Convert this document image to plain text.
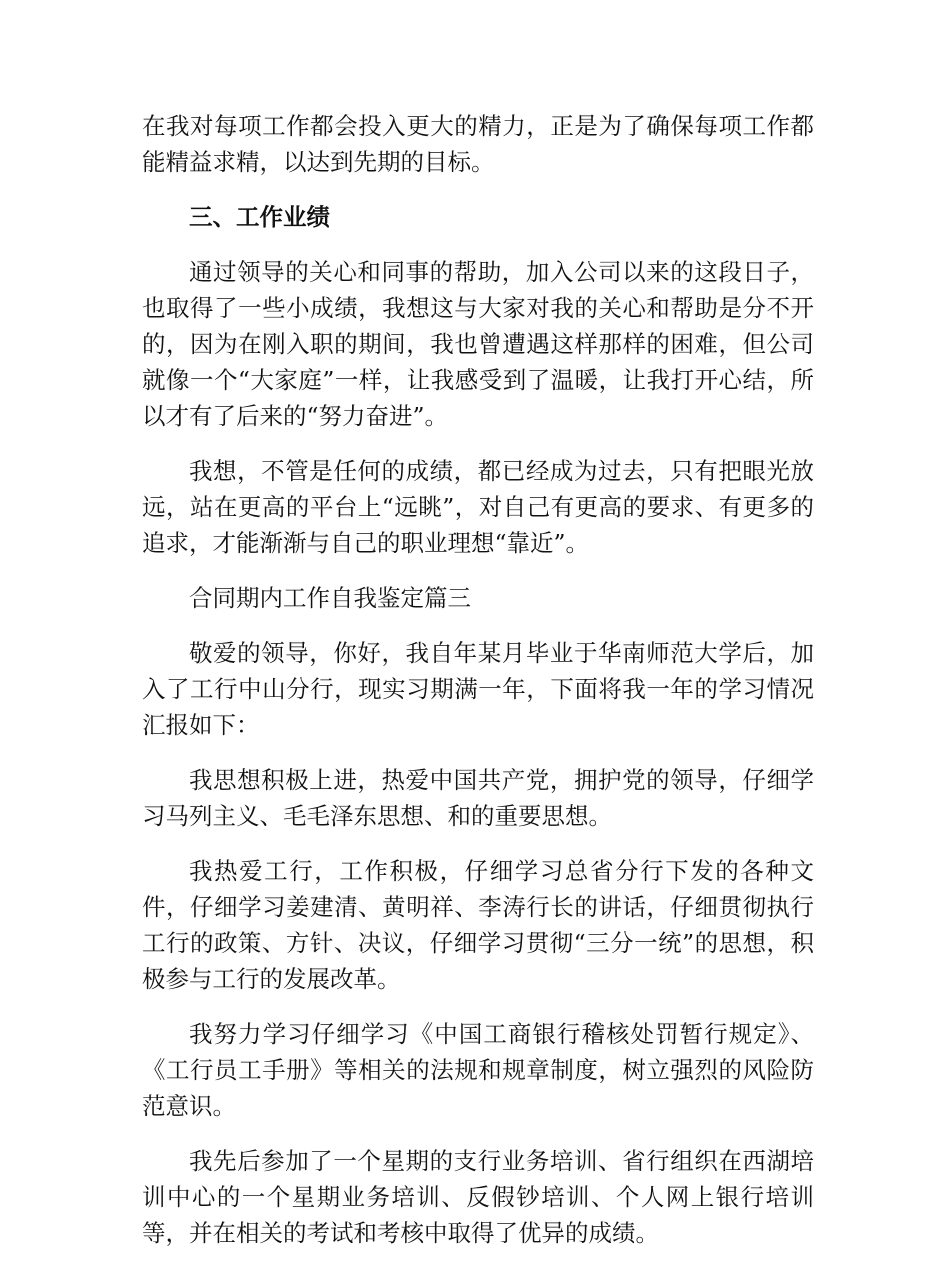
在我对每项工作都会投入更大的精力，正是为了确保每项工作都能精益求精，以达到先期的目标。

三、工作业绩

通过领导的关心和同事的帮助，加入公司以来的这段日子，也取得了一些小成绩，我想这与大家对我的关心和帮助是分不开的，因为在刚入职的期间，我也曾遭遇这样那样的困难，但公司就像一个“大家庭”一样，让我感受到了温暖，让我打开心结，所以才有了后来的“努力奋进”。

我想，不管是任何的成绩，都已经成为过去，只有把眼光放远，站在更高的平台上“远眺”，对自己有更高的要求、有更多的追求，才能渐渐与自己的职业理想“靠近”。

合同期内工作自我鉴定篇三

敬爱的领导，你好，我自年某月毕业于华南师范大学后，加入了工行中山分行，现实习期满一年，下面将我一年的学习情况汇报如下：

我思想积极上进，热爱中国共产党，拥护党的领导，仔细学习马列主义、毛毛泽东思想、和的重要思想。

我热爱工行，工作积极，仔细学习总省分行下发的各种文件，仔细学习姜建清、黄明祥、李涛行长的讲话，仔细贯彻执行工行的政策、方针、决议，仔细学习贯彻“三分一统”的思想，积极参与工行的发展改革。

我努力学习仔细学习《中国工商银行稽核处罚暂行规定》、《工行员工手册》等相关的法规和规章制度，树立强烈的风险防范意识。

我先后参加了一个星期的支行业务培训、省行组织在西湖培训中心的一个星期业务培训、反假钞培训、个人网上银行培训等，并在相关的考试和考核中取得了优异的成绩。
